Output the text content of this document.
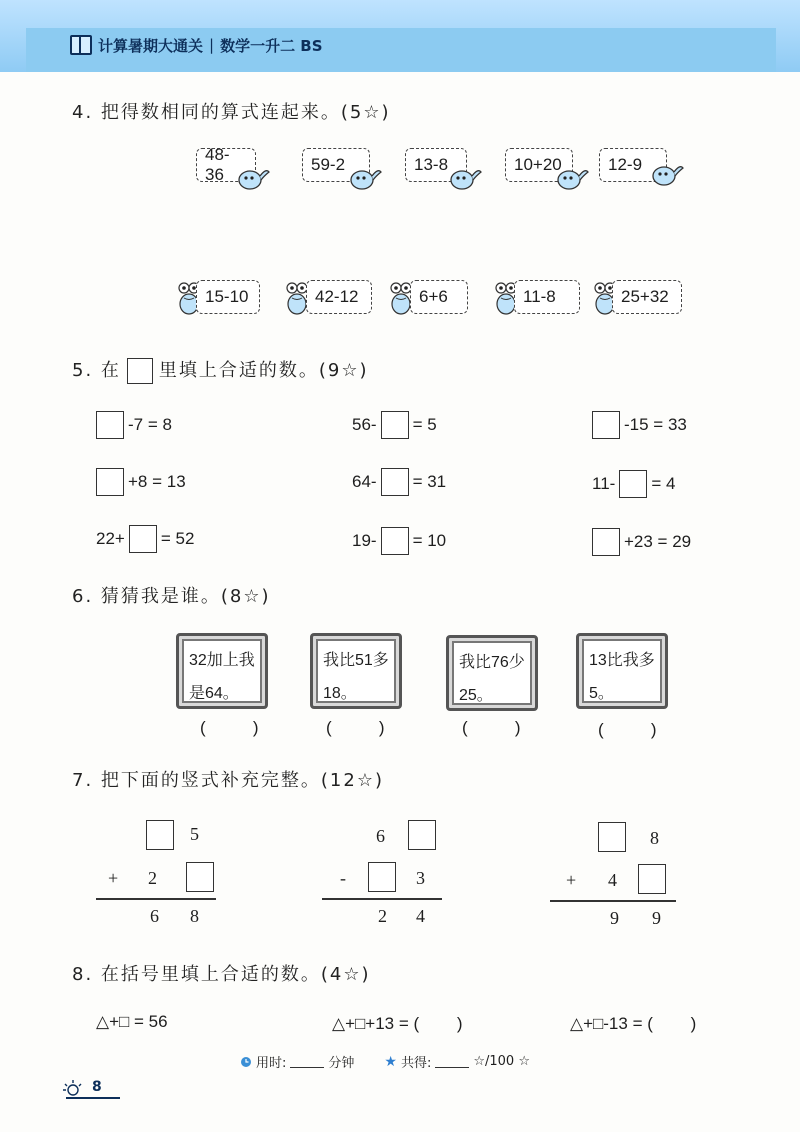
计算暑期大通关 | 数学一升二 BS
4. 把得数相同的算式连起来。(5☆)
48-36
59-2	13-8	10+20	12-9
15-10	42-12	6+6	11-8	25+32
5. 在 里填上合适的数。(9☆)
-7 = 8	56- = 5	-15 = 33
+8 = 13	64- = 31	11- = 4
22+ = 52	19- = 10	+23 = 29
6. 猜猜我是谁。(8☆)
32加上我
是64。
我比51多
18。
我比76少
25。
13比我多
5。
(          )	(          )	(          )	(          )
7. 把下面的竖式补充完整。(12☆)
5
+ 2
6 8
6
-	3
2 4
8
+ 4
9 9
8. 在括号里填上合适的数。(4☆)
△+□ = 56	△+□+13 = (        )	△+□-13 = (        )
用时:	分钟 ★ 共得:	☆/100 ☆
8
